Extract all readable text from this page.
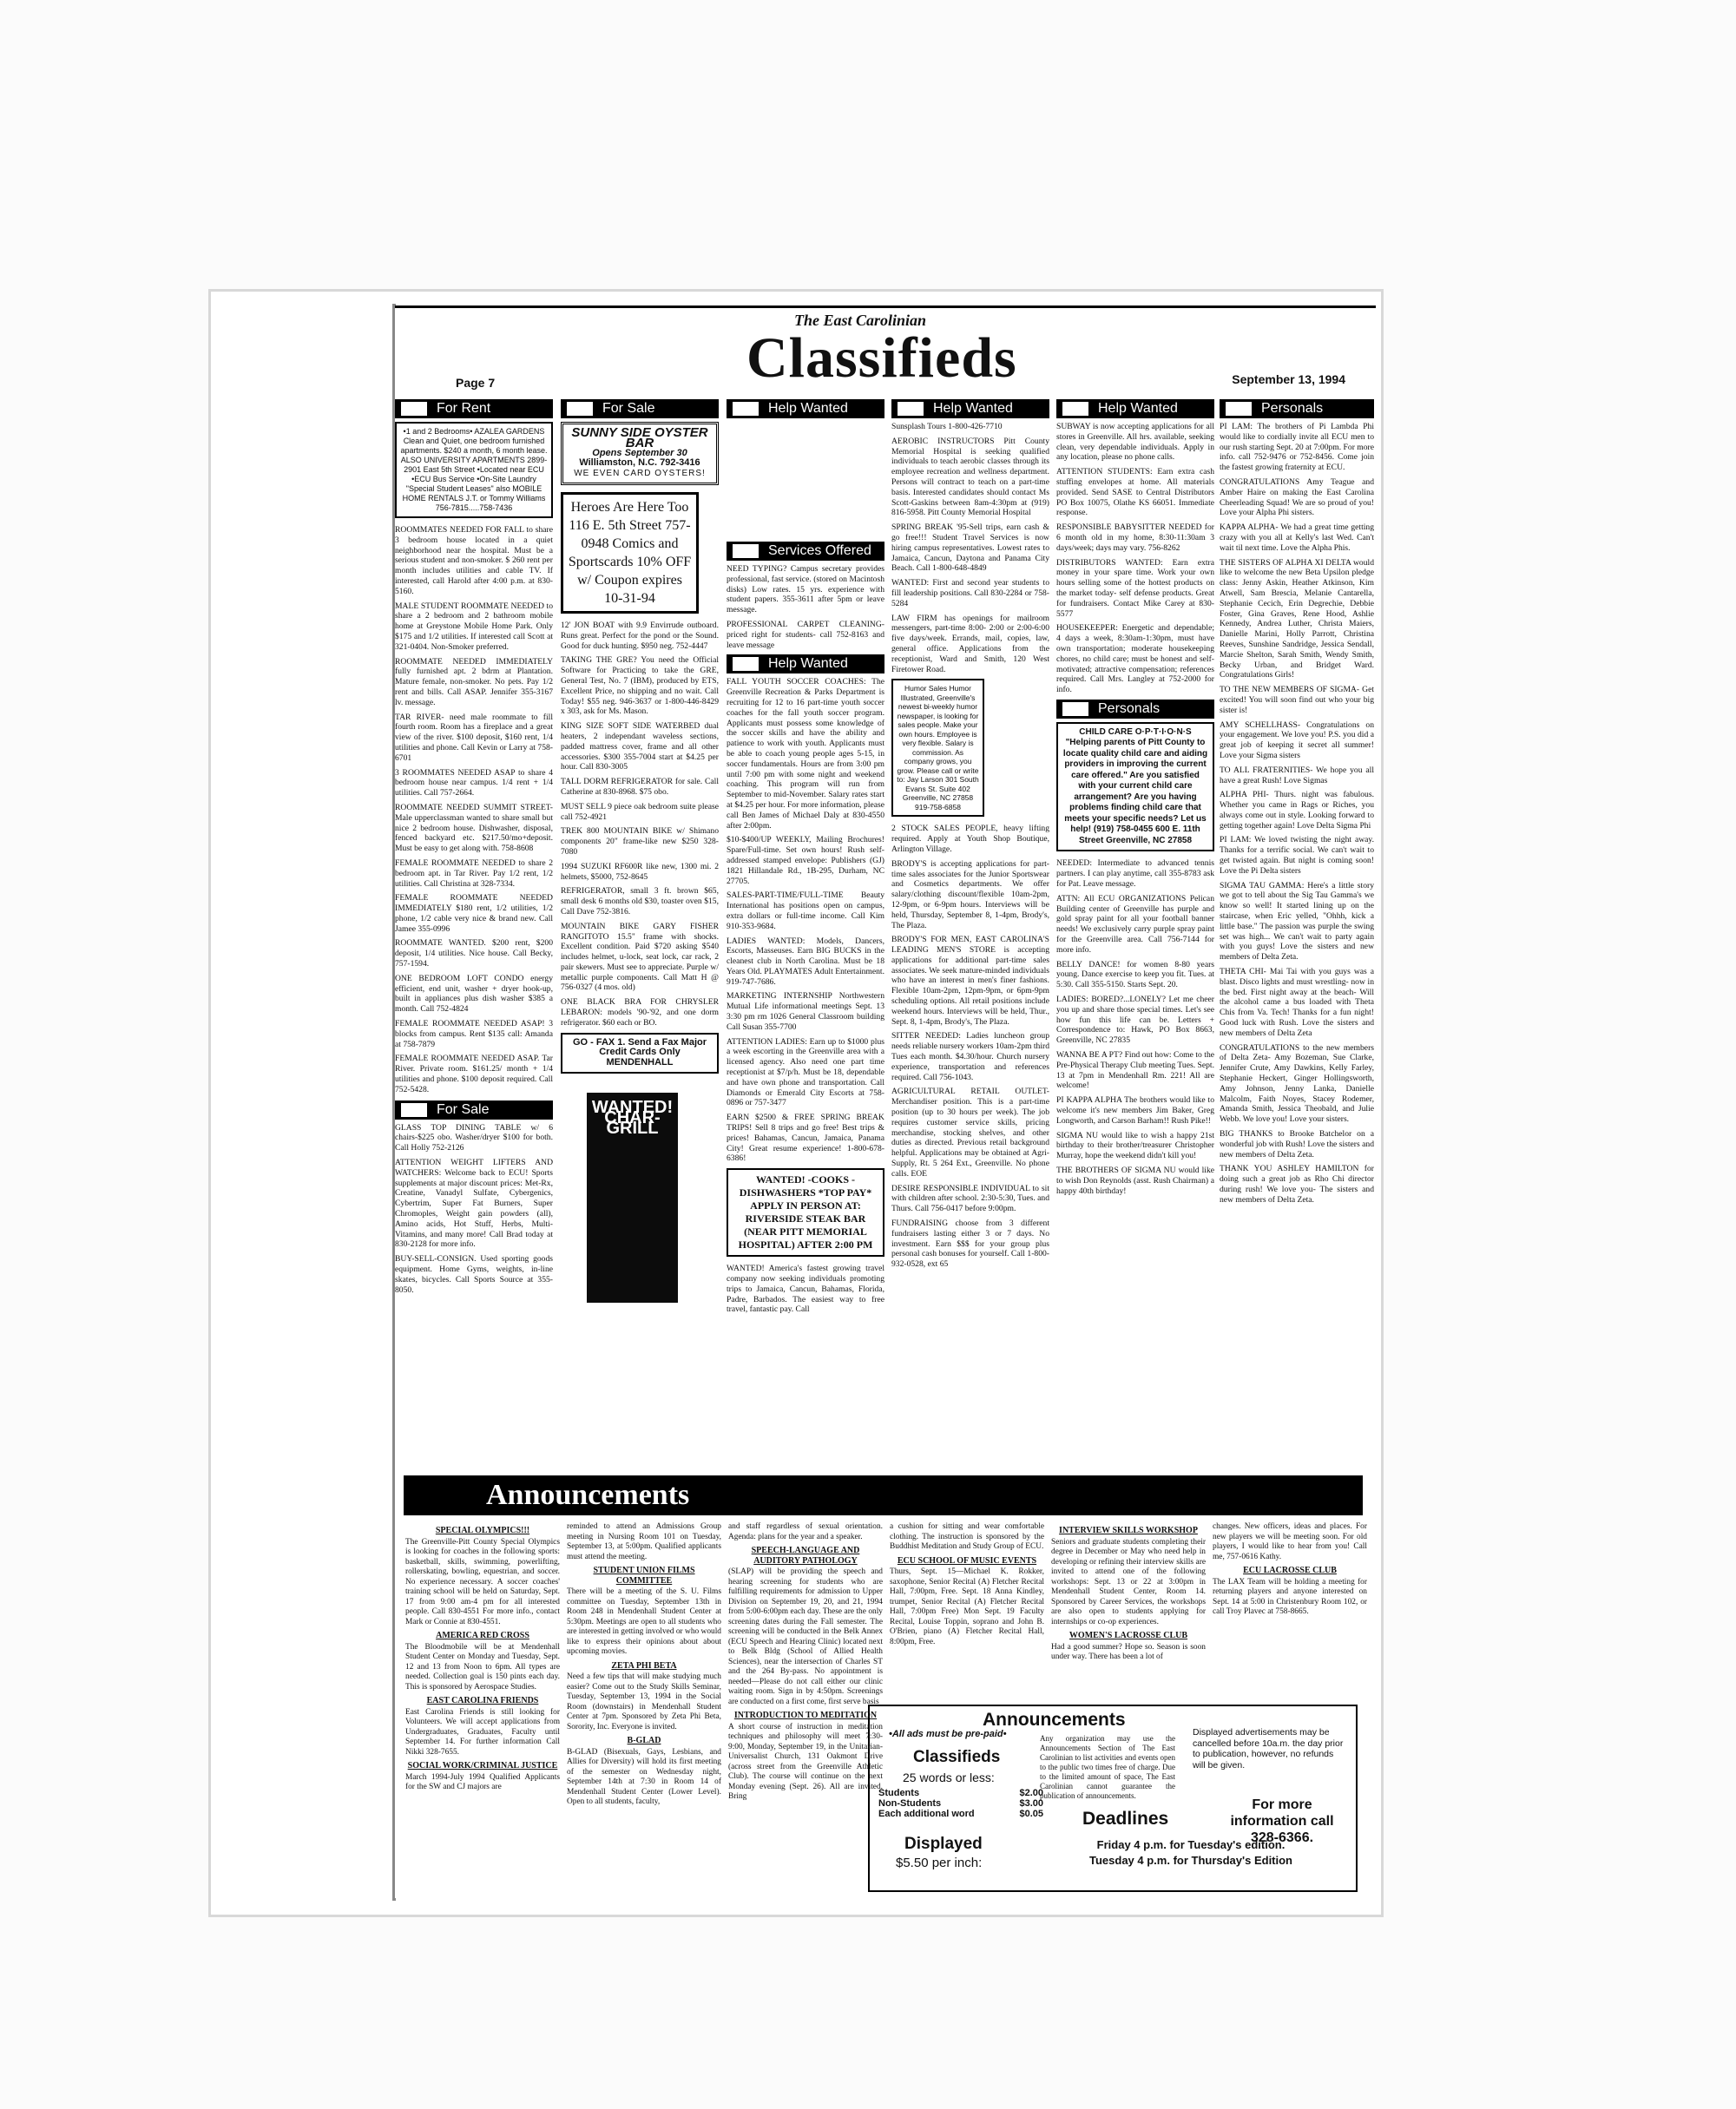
The East Carolinian
Classifieds
Page 7	September 13, 1994
For Rent
•1 and 2 Bedrooms• AZALEA GARDENS Clean and Quiet, one bedroom furnished apartments. $240 a month, 6 month lease. ALSO UNIVERSITY APARTMENTS 2899-2901 East 5th Street •Located near ECU •ECU Bus Service •On-Site Laundry "Special Student Leases" also MOBILE HOME RENTALS J.T. or Tommy Williams 756-7815.....758-7436

ROOMMATES NEEDED FOR FALL to share 3 bedroom house located in a quiet neighborhood near the hospital. Must be a serious student and non-smoker. $ 260 rent per month includes utilities and cable TV. If interested, call Harold after 4:00 p.m. at 830-5160.

MALE STUDENT ROOMMATE NEEDED to share a 2 bedroom and 2 bathroom mobile home at Greystone Mobile Home Park. Only $175 and 1/2 utilities. If interested call Scott at 321-0404. Non-Smoker preferred.

ROOMMATE NEEDED IMMEDIATELY fully furnished apt. 2 bdrm at Plantation. Mature female, non-smoker. No pets. Pay 1/2 rent and bills. Call ASAP. Jennifer 355-3167 lv. message.

TAR RIVER- need male roommate to fill fourth room. Room has a fireplace and a great view of the river. $100 deposit, $160 rent, 1/4 utilities and phone. Call Kevin or Larry at 758-6701

3 ROOMMATES NEEDED ASAP to share 4 bedroom house near campus. 1/4 rent + 1/4 utilities. Call 757-2664.

ROOMMATE NEEDED SUMMIT STREET- Male upperclassman wanted to share small but nice 2 bedroom house. Dishwasher, disposal, fenced backyard etc. $217.50/mo+deposit. Must be easy to get along with. 758-8608

FEMALE ROOMMATE NEEDED to share 2 bedroom apt. in Tar River. Pay 1/2 rent, 1/2 utilities. Call Christina at 328-7334.

FEMALE ROOMMATE NEEDED IMMEDIATELY $180 rent, 1/2 utilities, 1/2 phone, 1/2 cable very nice & brand new. Call Jamee 355-0996

ROOMMATE WANTED. $200 rent, $200 deposit, 1/4 utilities. Nice house. Call Becky, 757-1594.

ONE BEDROOM LOFT CONDO energy efficient, end unit, washer + dryer hook-up, built in appliances plus dish washer $385 a month. Call 752-4824

FEMALE ROOMMATE NEEDED ASAP! 3 blocks from campus. Rent $135 call: Amanda at 758-7879

FEMALE ROOMMATE NEEDED ASAP. Tar River. Private room. $161.25/ month + 1/4 utilities and phone. $100 deposit required. Call 752-5428.

For Sale

GLASS TOP DINING TABLE w/ 6 chairs-$225 obo. Washer/dryer $100 for both. Call Holly 752-2126

ATTENTION WEIGHT LIFTERS AND WATCHERS: Welcome back to ECU! Sports supplements at major discount prices: Met-Rx, Creatine, Vanadyl Sulfate, Cybergenics, Cybertrim, Super Fat Burners, Super Chromoples, Weight gain powders (all), Amino acids, Hot Stuff, Herbs, Multi-Vitamins, and many more! Call Brad today at 830-2128 for more info.

BUY-SELL-CONSIGN. Used sporting goods equipment. Home Gyms, weights, in-line skates, bicycles. Call Sports Source at 355-8050.

For Sale
SUNNY SIDE OYSTER BAR
Opens September 30
Williamston, N.C. 792-3416
WE EVEN CARD OYSTERS!
Heroes Are Here Too 116 E. 5th Street 757-0948 Comics and Sportscards 10% OFF w/ Coupon expires 10-31-94

12' JON BOAT with 9.9 Envirrude outboard. Runs great. Perfect for the pond or the Sound. Good for duck hunting. $950 neg. 752-4447

TAKING THE GRE? You need the Official Software for Practicing to take the GRE, General Test, No. 7 (IBM), produced by ETS, Excellent Price, no shipping and no wait. Call Today! $55 neg. 946-3637 or 1-800-446-8429 x 303, ask for Ms. Mason.

KING SIZE SOFT SIDE WATERBED dual heaters, 2 independant waveless sections, padded mattress cover, frame and all other accessories. $300 355-7004 start at $4.25 per hour. Call 830-3005

TALL DORM REFRIGERATOR for sale. Call Catherine at 830-8968. $75 obo.

MUST SELL 9 piece oak bedroom suite please call 752-4921

TREK 800 MOUNTAIN BIKE w/ Shimano components 20" frame-like new $250 328-7080

1994 SUZUKI RF600R like new, 1300 mi. 2 helmets, $5000, 752-8645

REFRIGERATOR, small 3 ft. brown $65, small desk 6 months old $30, toaster oven $15, Call Dave 752-3816.

MOUNTAIN BIKE GARY FISHER RANGITOTO 15.5" frame with shocks. Excellent condition. Paid $720 asking $540 includes helmet, u-lock, seat lock, car rack, 2 pair skewers. Must see to appreciate. Purple w/ metallic purple components. Call Matt H @ 756-0327 (4 mos. old)

ONE BLACK BRA FOR CHRYSLER LEBARON: models '90-'92, and one dorm refrigerator. $60 each or BO.

GO - FAX 1. Send a Fax Major Credit Cards Only MENDENHALL
WANTED! CHAR-GRILL
Help Wanted
Services Offered

NEED TYPING? Campus secretary provides professional, fast service. (stored on Macintosh disks) Low rates. 15 yrs. experience with student papers. 355-3611 after 5pm or leave message.

PROFESSIONAL CARPET CLEANING- priced right for students- call 752-8163 and leave message

Help Wanted

FALL YOUTH SOCCER COACHES: The Greenville Recreation & Parks Department is recruiting for 12 to 16 part-time youth soccer coaches for the fall youth soccer program. Applicants must possess some knowledge of the soccer skills and have the ability and patience to work with youth. Applicants must be able to coach young people ages 5-15, in soccer fundamentals. Hours are from 3:00 pm until 7:00 pm with some night and weekend coaching. This program will run from September to mid-November. Salary rates start at $4.25 per hour. For more information, please call Ben James of Michael Daly at 830-4550 after 2:00pm.

$10-$400/UP WEEKLY, Mailing Brochures! Spare/Full-time. Set own hours! Rush self-addressed stamped envelope: Publishers (GJ) 1821 Hillandale Rd., 1B-295, Durham, NC 27705.

SALES-PART-TIME/FULL-TIME Beauty International has positions open on campus, extra dollars or full-time income. Call Kim 910-353-9684.

LADIES WANTED: Models, Dancers, Escorts, Masseuses. Earn BIG BUCKS in the cleanest club in North Carolina. Must be 18 Years Old. PLAYMATES Adult Entertainment. 919-747-7686.

MARKETING INTERNSHIP Northwestern Mutual Life informational meetings Sept. 13 3:30 pm rm 1026 General Classroom building Call Susan 355-7700

ATTENTION LADIES: Earn up to $1000 plus a week escorting in the Greenville area with a licensed agency. Also need one part time receptionist at $7/p/h. Must be 18, dependable and have own phone and transportation. Call Diamonds or Emerald City Escorts at 758-0896 or 757-3477

EARN $2500 & FREE SPRING BREAK TRIPS! Sell 8 trips and go free! Best trips & prices! Bahamas, Cancun, Jamaica, Panama City! Great resume experience! 1-800-678-6386!

WANTED! -COOKS -DISHWASHERS *TOP PAY* APPLY IN PERSON AT: RIVERSIDE STEAK BAR (NEAR PITT MEMORIAL HOSPITAL) AFTER 2:00 PM

WANTED! America's fastest growing travel company now seeking individuals promoting trips to Jamaica, Cancun, Bahamas, Florida, Padre, Barbados. The easiest way to free travel, fantastic pay. Call

Help Wanted

Sunsplash Tours 1-800-426-7710

AEROBIC INSTRUCTORS Pitt County Memorial Hospital is seeking qualified individuals to teach aerobic classes through its employee recreation and wellness department. Persons will contract to teach on a part-time basis. Interested candidates should contact Ms Scott-Gaskins between 8am-4:30pm at (919) 816-5958. Pitt County Memorial Hospital

SPRING BREAK '95-Sell trips, earn cash & go free!!! Student Travel Services is now hiring campus representatives. Lowest rates to Jamaica, Cancun, Daytona and Panama City Beach. Call 1-800-648-4849

WANTED: First and second year students to fill leadership positions. Call 830-2284 or 758-5284

LAW FIRM has openings for mailroom messengers, part-time 8:00- 2:00 or 2:00-6:00 five days/week. Errands, mail, copies, law, general office. Applications from the receptionist, Ward and Smith, 120 West Firetower Road.

Humor Sales Humor Illustrated, Greenville's newest bi-weekly humor newspaper, is looking for sales people. Make your own hours. Employee is very flexible. Salary is commission. As company grows, you grow. Please call or write to: Jay Larson 301 South Evans St. Suite 402 Greenville, NC 27858 919-758-6858

2 STOCK SALES PEOPLE, heavy lifting required. Apply at Youth Shop Boutique, Arlington Village.

BRODY'S is accepting applications for part-time sales associates for the Junior Sportswear and Cosmetics departments. We offer salary/clothing discount/flexible 10am-2pm, 12-9pm, or 6-9pm hours. Interviews will be held, Thursday, September 8, 1-4pm, Brody's, The Plaza.

BRODY'S FOR MEN, EAST CAROLINA'S LEADING MEN'S STORE is accepting applications for additional part-time sales associates. We seek mature-minded individuals who have an interest in men's finer fashions. Flexible 10am-2pm, 12pm-9pm, or 6pm-9pm scheduling options. All retail positions include weekend hours. Interviews will be held, Thur., Sept. 8, 1-4pm, Brody's, The Plaza.

SITTER NEEDED: Ladies luncheon group needs reliable nursery workers 10am-2pm third Tues each month. $4.30/hour. Church nursery experience, transportation and references required. Call 756-1043.

AGRICULTURAL RETAIL OUTLET- Merchandiser position. This is a part-time position (up to 30 hours per week). The job requires customer service skills, pricing merchandise, stocking shelves, and other duties as directed. Previous retail background helpful. Applications may be obtained at Agri-Supply, Rt. 5 264 Ext., Greenville. No phone calls. EOE

DESIRE RESPONSIBLE INDIVIDUAL to sit with children after school. 2:30-5:30, Tues. and Thurs. Call 756-0417 before 9:00pm.

FUNDRAISING choose from 3 different fundraisers lasting either 3 or 7 days. No investment. Earn $$$ for your group plus personal cash bonuses for yourself. Call 1-800-932-0528, ext 65

Help Wanted

SUBWAY is now accepting applications for all stores in Greenville. All hrs. available, seeking clean, very dependable individuals. Apply in any location, please no phone calls.

ATTENTION STUDENTS: Earn extra cash stuffing envelopes at home. All materials provided. Send SASE to Central Distributors PO Box 10075, Olathe KS 66051. Immediate response.

RESPONSIBLE BABYSITTER NEEDED for 6 month old in my home, 8:30-11:30am 3 days/week; days may vary. 756-8262

DISTRIBUTORS WANTED: Earn extra money in your spare time. Work your own hours selling some of the hottest products on the market today- self defense products. Great for fundraisers. Contact Mike Carey at 830-5577

HOUSEKEEPER: Energetic and dependable; 4 days a week, 8:30am-1:30pm, must have own transportation; moderate housekeeping chores, no child care; must be honest and self-motivated; attractive compensation; references required. Call Mrs. Langley at 752-2000 for info.

Personals
CHILD CARE O·P·T·I·O·N·S "Helping parents of Pitt County to locate quality child care and aiding providers in improving the current care offered." Are you satisfied with your current child care arrangement? Are you having problems finding child care that meets your specific needs? Let us help! (919) 758-0455 600 E. 11th Street Greenville, NC 27858

NEEDED: Intermediate to advanced tennis partners. I can play anytime, call 355-8783 ask for Pat. Leave message.

ATTN: All ECU ORGANIZATIONS Pelican Building center of Greenville has purple and gold spray paint for all your football banner needs! We exclusively carry purple spray paint for the Greenville area. Call 756-7144 for more info.

BELLY DANCE! for women 8-80 years young. Dance exercise to keep you fit. Tues. at 5:30. Call 355-5150. Starts Sept. 20.

LADIES: BORED?...LONELY? Let me cheer you up and share those special times. Let's see how fun this life can be. Letters + Correspondence to: Hawk, PO Box 8663, Greenville, NC 27835

WANNA BE A PT? Find out how: Come to the Pre-Physical Therapy Club meeting Tues. Sept. 13 at 7pm in Mendenhall Rm. 221! All are welcome!

PI KAPPA ALPHA The brothers would like to welcome it's new members Jim Baker, Greg Longworth, and Carson Barham!! Rush Pike!!

SIGMA NU would like to wish a happy 21st birthday to their brother/treasurer Christopher Murray, hope the weekend didn't kill you!

THE BROTHERS OF SIGMA NU would like to wish Don Reynolds (asst. Rush Chairman) a happy 40th birthday!

Personals

PI LAM: The brothers of Pi Lambda Phi would like to cordially invite all ECU men to our rush starting Sept. 20 at 7:00pm. For more info. call 752-9476 or 752-8456. Come join the fastest growing fraternity at ECU.

CONGRATULATIONS Amy Teague and Amber Haire on making the East Carolina Cheerleading Squad! We are so proud of you! Love your Alpha Phi sisters.

KAPPA ALPHA- We had a great time getting crazy with you all at Kelly's last Wed. Can't wait til next time. Love the Alpha Phis.

THE SISTERS OF ALPHA XI DELTA would like to welcome the new Beta Upsilon pledge class: Jenny Askin, Heather Atkinson, Kim Atwell, Sam Brescia, Melanie Cantarella, Stephanie Cecich, Erin Degrechie, Debbie Foster, Gina Graves, Rene Hood, Ashlie Kennedy, Andrea Luther, Christa Maiers, Danielle Marini, Holly Parrott, Christina Reeves, Sunshine Sandridge, Jessica Sendall, Marcie Shelton, Sarah Smith, Wendy Smith, Becky Urban, and Bridget Ward. Congratulations Girls!

TO THE NEW MEMBERS OF SIGMA- Get excited! You will soon find out who your big sister is!

AMY SCHELLHASS- Congratulations on your engagement. We love you! P.S. you did a great job of keeping it secret all summer! Love your Sigma sisters

TO ALL FRATERNITIES- We hope you all have a great Rush! Love Sigmas

ALPHA PHI- Thurs. night was fabulous. Whether you came in Rags or Riches, you always come out in style. Looking forward to getting together again! Love Delta Sigma Phi

PI LAM: We loved twisting the night away. Thanks for a terrific social. We can't wait to get twisted again. But night is coming soon! Love the Pi Delta sisters

SIGMA TAU GAMMA: Here's a little story we got to tell about the Sig Tau Gamma's we know so well! It started lining up on the staircase, when Eric yelled, "Ohhh, kick a little base." The passion was purple the swing set was high... We can't wait to party again with you guys! Love the sisters and new members of Delta Zeta.

THETA CHI- Mai Tai with you guys was a blast. Disco lights and must wrestling- now in the bed. First night away at the beach- Will the alcohol came a bus loaded with Theta Chis from Va. Tech! Thanks for a fun night! Good luck with Rush. Love the sisters and new members of Delta Zeta

CONGRATULATIONS to the new members of Delta Zeta- Amy Bozeman, Sue Clarke, Jennifer Crute, Amy Dawkins, Kelly Farley, Stephanie Heckert, Ginger Hollingsworth, Amy Johnson, Jenny Lanka, Danielle Malcolm, Faith Noyes, Stacey Rodemer, Amanda Smith, Jessica Theobald, and Julie Webb. We love you! Love your sisters.

BIG THANKS to Brooke Batchelor on a wonderful job with Rush! Love the sisters and new members of Delta Zeta.

THANK YOU ASHLEY HAMILTON for doing such a great job as Rho Chi director during rush! We love you- The sisters and new members of Delta Zeta.

Announcements
SPECIAL OLYMPICS!!!

The Greenville-Pitt County Special Olympics is looking for coaches in the following sports: basketball, skills, swimming, powerlifting, rollerskating, bowling, equestrian, and soccer. No experience necessary. A soccer coaches' training school will be held on Saturday, Sept. 17 from 9:00 am-4 pm for all interested people. Call 830-4551 For more info., contact Mark or Connie at 830-4551.

AMERICA RED CROSS

The Bloodmobile will be at Mendenhall Student Center on Monday and Tuesday, Sept. 12 and 13 from Noon to 6pm. All types are needed. Collection goal is 150 pints each day. This is sponsored by Aerospace Studies.

EAST CAROLINA FRIENDS

East Carolina Friends is still looking for Volunteers. We will accept applications from Undergraduates, Graduates, Faculty until September 14. For further information Call Nikki 328-7655.

SOCIAL WORK/CRIMINAL JUSTICE

March 1994-July 1994 Qualified Applicants for the SW and CJ majors are

reminded to attend an Admissions Group meeting in Nursing Room 101 on Tuesday, September 13, at 5:00pm. Qualified applicants must attend the meeting.

STUDENT UNION FILMS COMMITTEE

There will be a meeting of the S. U. Films committee on Tuesday, September 13th in Room 248 in Mendenhall Student Center at 5:30pm. Meetings are open to all students who are interested in getting involved or who would like to express their opinions about about upcoming movies.

ZETA PHI BETA

Need a few tips that will make studying much easier? Come out to the Study Skills Seminar, Tuesday, September 13, 1994 in the Social Room (downstairs) in Mendenhall Student Center at 7pm. Sponsored by Zeta Phi Beta, Sorority, Inc. Everyone is invited.

B-GLAD

B-GLAD (Bisexuals, Gays, Lesbians, and Allies for Diversity) will hold its first meeting of the semester on Wednesday night, September 14th at 7:30 in Room 14 of Mendenhall Student Center (Lower Level). Open to all students, faculty,

and staff regardless of sexual orientation. Agenda: plans for the year and a speaker.

SPEECH-LANGUAGE AND AUDITORY PATHOLOGY

(SLAP) will be providing the speech and hearing screening for students who are fulfilling requirements for admission to Upper Division on September 19, 20, and 21, 1994 from 5:00-6:00pm each day. These are the only screening dates during the Fall semester. The screening will be conducted in the Belk Annex (ECU Speech and Hearing Clinic) located next to Belk Bldg (School of Allied Health Sciences), near the intersection of Charles ST and the 264 By-pass. No appointment is needed—Please do not call either our clinic waiting room. Sign in by 4:50pm. Screenings are conducted on a first come, first serve basis

INTRODUCTION TO MEDITATION

A short course of instruction in meditation techniques and philosophy will meet 7:30-9:00, Monday, September 19, in the Unitarian-Universalist Church, 131 Oakmont Drive (across street from the Greenville Athletic Club). The course will continue on the next Monday evening (Sept. 26). All are invited. Bring

a cushion for sitting and wear comfortable clothing. The instruction is sponsored by the Buddhist Meditation and Study Group of ECU.

ECU SCHOOL OF MUSIC EVENTS

Thurs, Sept. 15—Michael K. Rokker, saxophone, Senior Recital (A) Fletcher Recital Hall, 7:00pm, Free. Sept. 18 Anna Kindley, trumpet, Senior Recital (A) Fletcher Recital Hall, 7:00pm Free) Mon Sept. 19 Faculty Recital, Louise Toppin, soprano and John B. O'Brien, piano (A) Fletcher Recital Hall, 8:00pm, Free.

INTERVIEW SKILLS WORKSHOP

Seniors and graduate students completing their degree in December or May who need help in developing or refining their interview skills are invited to attend one of the following workshops: Sept. 13 or 22 at 3:00pm in Mendenhall Student Center, Room 14. Sponsored by Career Services, the workshops are also open to students applying for internships or co-op experiences.

WOMEN'S LACROSSE CLUB

Had a good summer? Hope so. Season is soon under way. There has been a lot of

changes. New officers, ideas and places. For new players we will be meeting soon. For old players, I would like to hear from you! Call me, 757-0616 Kathy.

ECU LACROSSE CLUB

The LAX Team will be holding a meeting for returning players and anyone interested on Sept. 14 at 5:00 in Christenbury Room 102, or call Troy Plavec at 758-8665.

Announcements
Any organization may use the Announcements Section of The East Carolinian to list activities and events open to the public two times free of charge. Due to the limited amount of space, The East Carolinian cannot guarantee the publication of announcements.
Deadlines
•All ads must be pre-paid•
Classifieds
25 words or less:
Students	$2.00
Non-Students	$3.00
Each additional word	$0.05
Displayed
$5.50 per inch:
Displayed advertisements may be cancelled before 10a.m. the day prior to publication, however, no refunds will be given.
For more information call 328-6366.
Friday 4 p.m. for Tuesday's edition.
Tuesday 4 p.m. for Thursday's Edition
